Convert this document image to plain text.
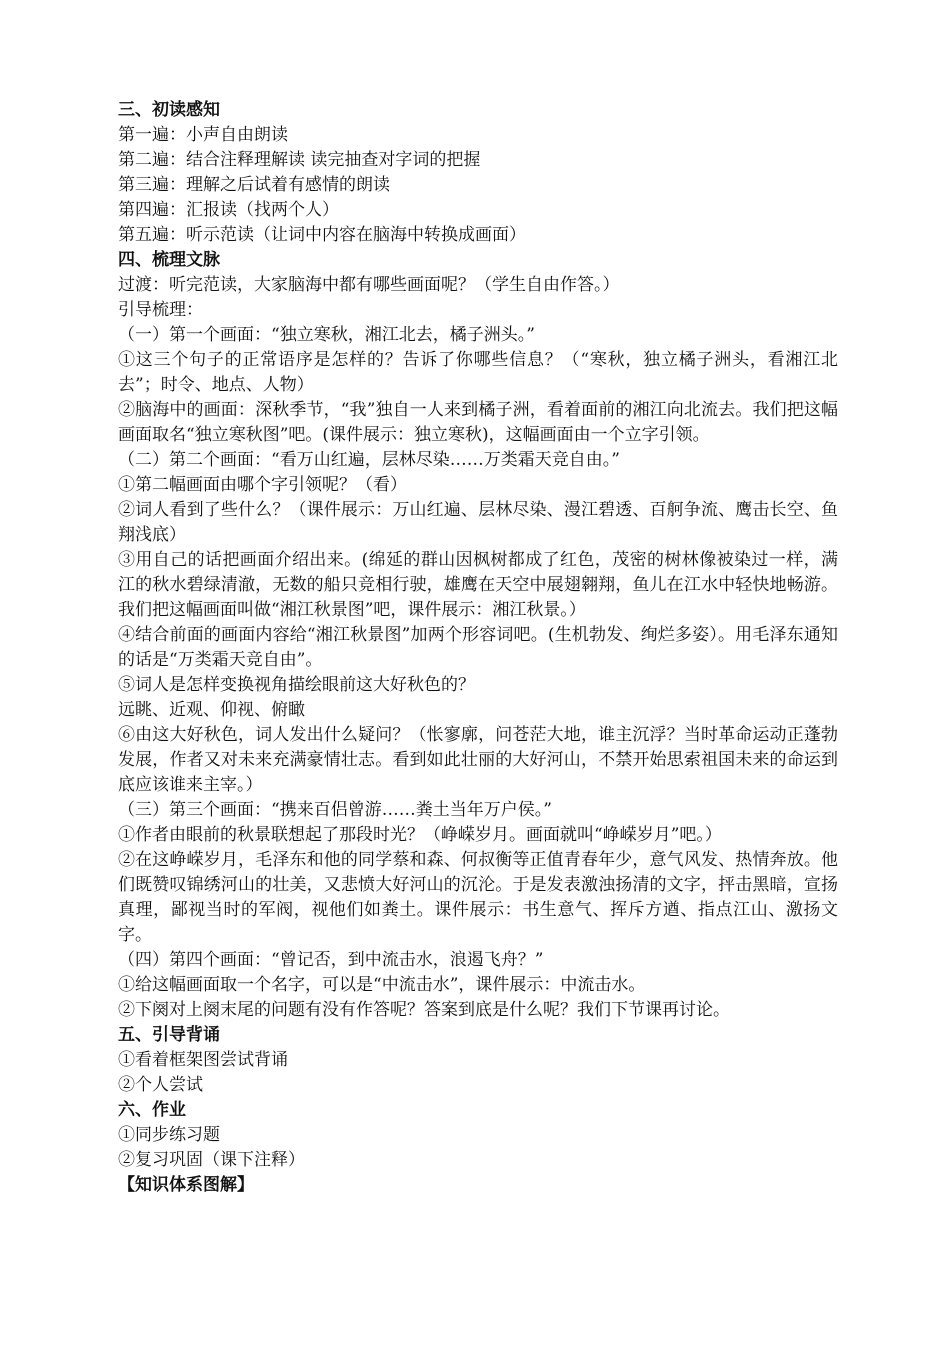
三、初读感知
第一遍：小声自由朗读
第二遍：结合注释理解读 读完抽查对字词的把握
第三遍：理解之后试着有感情的朗读
第四遍：汇报读（找两个人）
第五遍：听示范读（让词中内容在脑海中转换成画面）
四、梳理文脉
过渡：听完范读，大家脑海中都有哪些画面呢？（学生自由作答。）
引导梳理：
（一）第一个画面：“独立寒秋，湘江北去，橘子洲头。”
①这三个句子的正常语序是怎样的？告诉了你哪些信息？（“寒秋，独立橘子洲头，看湘江北去”；时令、地点、人物）
②脑海中的画面：深秋季节，“我”独自一人来到橘子洲，看着面前的湘江向北流去。我们把这幅画面取名“独立寒秋图”吧。(课件展示：独立寒秋)，这幅画面由一个立字引领。
（二）第二个画面：“看万山红遍，层林尽染……万类霜天竞自由。”
①第二幅画面由哪个字引领呢？（看）
②词人看到了些什么？（课件展示：万山红遍、层林尽染、漫江碧透、百舸争流、鹰击长空、鱼翔浅底）
③用自己的话把画面介绍出来。(绵延的群山因枫树都成了红色，茂密的树林像被染过一样，满江的秋水碧绿清澈，无数的船只竞相行驶，雄鹰在天空中展翅翱翔，鱼儿在江水中轻快地畅游。我们把这幅画面叫做“湘江秋景图”吧，课件展示：湘江秋景。）
④结合前面的画面内容给“湘江秋景图”加两个形容词吧。(生机勃发、绚烂多姿）。用毛泽东通知的话是“万类霜天竞自由”。
⑤词人是怎样变换视角描绘眼前这大好秋色的？
远眺、近观、仰视、俯瞰
⑥由这大好秋色，词人发出什么疑问？（怅寥廓，问苍茫大地，谁主沉浮？当时革命运动正蓬勃发展，作者又对未来充满豪情壮志。看到如此壮丽的大好河山，不禁开始思索祖国未来的命运到底应该谁来主宰。）
（三）第三个画面：“携来百侣曾游……粪土当年万户侯。”
①作者由眼前的秋景联想起了那段时光？（峥嵘岁月。画面就叫“峥嵘岁月”吧。）
②在这峥嵘岁月，毛泽东和他的同学蔡和森、何叔衡等正值青春年少，意气风发、热情奔放。他们既赞叹锦绣河山的壮美，又悲愤大好河山的沉沦。于是发表激浊扬清的文字，抨击黑暗，宣扬真理，鄙视当时的军阀，视他们如粪土。课件展示：书生意气、挥斥方遒、指点江山、激扬文字。
（四）第四个画面：“曾记否，到中流击水，浪遏飞舟？”
①给这幅画面取一个名字，可以是“中流击水”，课件展示：中流击水。
②下阕对上阕末尾的问题有没有作答呢？答案到底是什么呢？我们下节课再讨论。
五、引导背诵
①看着框架图尝试背诵
②个人尝试
六、作业
①同步练习题
②复习巩固（课下注释）
【知识体系图解】
